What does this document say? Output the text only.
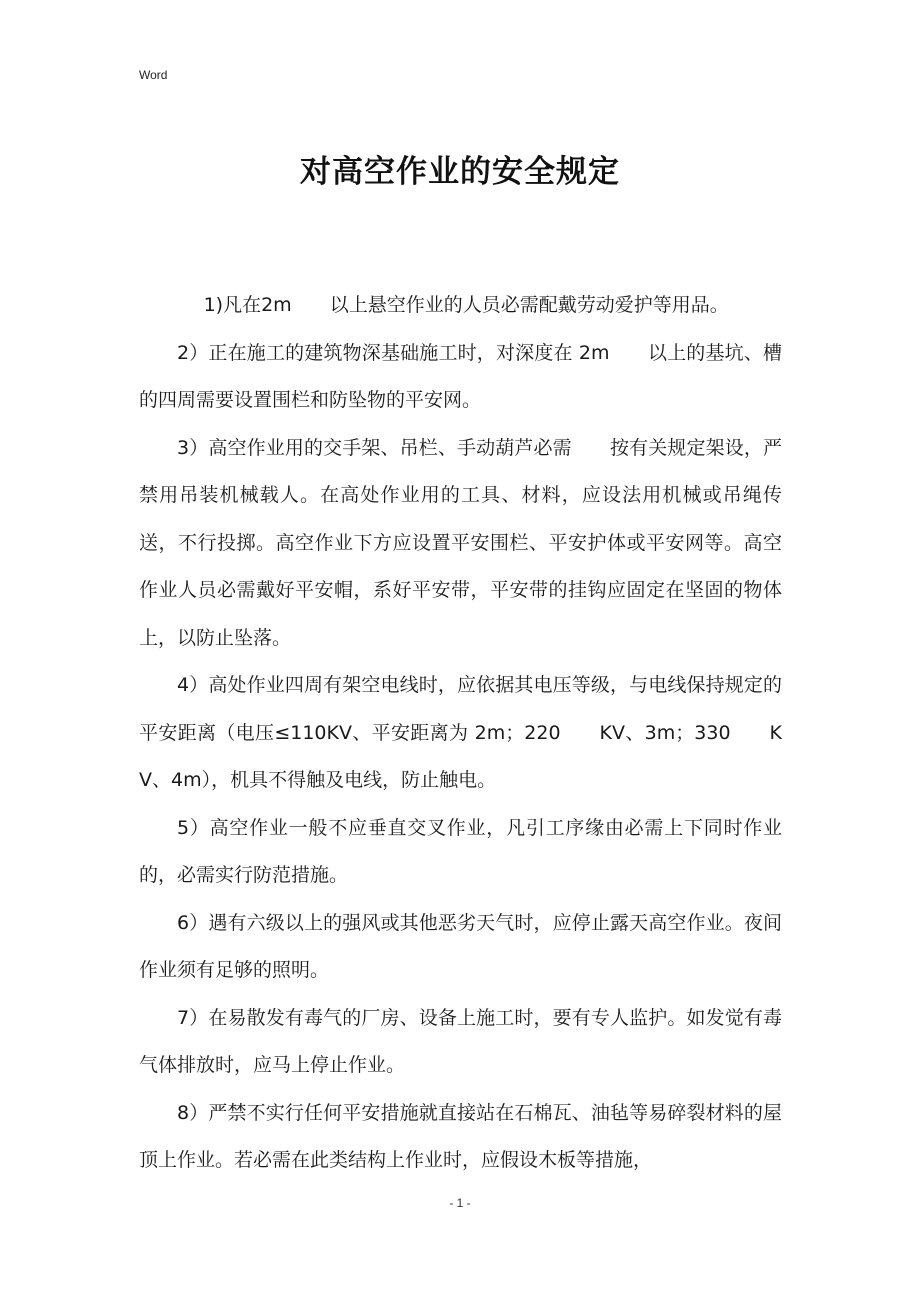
Word
对高空作业的安全规定

1)凡在2m　　以上悬空作业的人员必需配戴劳动爱护等用品。

2）正在施工的建筑物深基础施工时，对深度在 2m　　以上的基坑、槽的四周需要设置围栏和防坠物的平安网。

3）高空作业用的交手架、吊栏、手动葫芦必需　　按有关规定架设，严禁用吊装机械载人。在高处作业用的工具、材料，应设法用机械或吊绳传送，不行投掷。高空作业下方应设置平安围栏、平安护体或平安网等。高空作业人员必需戴好平安帽，系好平安带，平安带的挂钩应固定在坚固的物体上，以防止坠落。

4）高处作业四周有架空电线时，应依据其电压等级，与电线保持规定的平安距离（电压≤110KV、平安距离为 2m；220　　KV、3m；330　　KV、4m），机具不得触及电线，防止触电。

5）高空作业一般不应垂直交叉作业，凡引工序缘由必需上下同时作业的，必需实行防范措施。

6）遇有六级以上的强风或其他恶劣天气时，应停止露天高空作业。夜间作业须有足够的照明。

7）在易散发有毒气的厂房、设备上施工时，要有专人监护。如发觉有毒气体排放时，应马上停止作业。

8）严禁不实行任何平安措施就直接站在石棉瓦、油毡等易碎裂材料的屋顶上作业。若必需在此类结构上作业时，应假设木板等措施，

- 1 -
